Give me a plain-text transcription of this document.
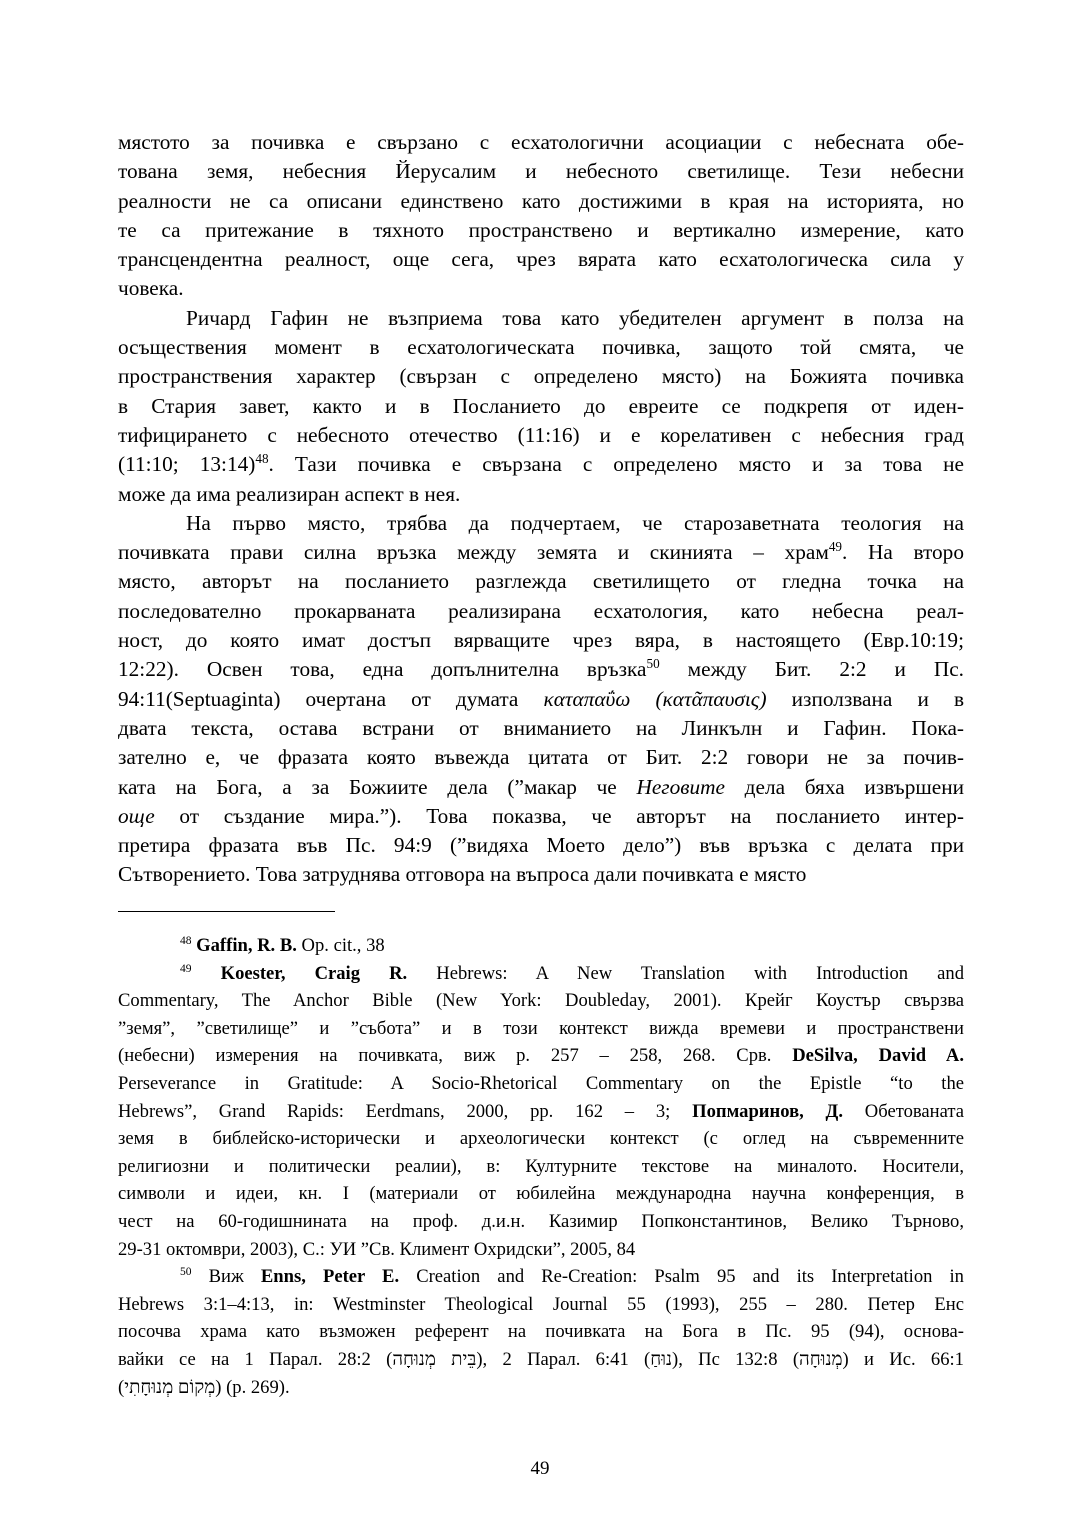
мястото за почивка е свързано с есхатологични асоциации с небесната обе-
тована земя, небесния Йерусалим и небесното светилище. Тези небесни
реалности не са описани единствено като достижими в края на историята, но
те са притежание в тяхното пространствено и вертикално измерение, като
трансцендентна реалност, още сега, чрез вярата като есхатологическа сила у
човека.
Ричард Гафин не възприема това като убедителен аргумент в полза на
осъществения момент в есхатологическата почивка, защото той смята, че
пространствения характер (свързан с определено място) на Божията почивка
в Стария завет, както и в Посланието до евреите се подкрепя от иден-
тифицирането с небесното отечество (11:16) и е корелативен с небесния град
(11:10; 13:14)$^{48}$. Тази почивка е свързана с определено място и за това не
може да има реализиран аспект в нея.
На първо място, трябва да подчертаем, че старозаветната теология на
почивката прави силна връзка между земята и скинията – храм$^{49}$. На второ
място, авторът на посланието разглежда светилището от гледна точка на
последователно прокарваната реализирана есхатология, като небесна реал-
ност, до която имат достъп вярващите чрез вяра, в настоящето (Евр.10:19;
12:22). Освен това, една допълнителна връзка$^{50}$ между Бит. 2:2 и Пс.
94:11(Septuaginta) очертана от думата καταπαΰω (κατᾶπαυσις) използвана и в
двата текста, остава встрани от вниманието на Линкълн и Гафин. Пока-
зателно е, че фразата която въвежда цитата от Бит. 2:2 говори не за почив-
ката на Бога, а за Божиите дела (”макар че Неговите дела бяха извършени
още от създание мира.”). Това показва, че авторът на посланието интер-
претира фразата във Пс. 94:9 (”видяха Моето дело”) във връзка с делата при
Сътворението. Това затруднява отговора на въпроса дали почивката е място
$^{48}$ Gaffin, R. B. Op. cit., 38
$^{49}$ Koester, Craig R. Hebrews: A New Translation with Introduction and
Commentary, The Anchor Bible (New York: Doubleday, 2001). Крейг Коустър свързва
”земя”, ”светилище” и ”събота” и в този контекст вижда времеви и пространствени
(небесни) измерения на почивката, виж p. 257 – 258, 268. Срв. DeSilva, David A.
Perseverance in Gratitude: A Socio-Rhetorical Commentary on the Epistle “to the
Hebrews”, Grand Rapids: Eerdmans, 2000, pp. 162 – 3; Попмаринов, Д. Обетованата
земя в библейско-исторически и археологически контекст (с оглед на съвременните
религиозни и политически реалии), в: Културните текстове на миналото. Носители,
символи и идеи, кн. I (материали от юбилейна международна научна конференция, в
чест на 60-годишнината на проф. д.и.н. Казимир Попконстантинов, Велико Търново,
29-31 октомври, 2003), С.: УИ ”Св. Климент Охридски”, 2005, 84
$^{50}$ Виж Enns, Peter E. Creation and Re-Creation: Psalm 95 and its Interpretation in
Hebrews 3:1–4:13, in: Westminster Theological Journal 55 (1993), 255 – 280. Петер Енс
посочва храма като възможен референт на почивката на Бога в Пс. 95 (94), основа-
вайки се на 1 Парал. 28:2 (בֵּית מְנוּחָה), 2 Парал. 6:41 (נוּחַ), Пс 132:8 (מְנוּחָה) и Ис. 66:1
(מְקוֹם מְנוּחָתִי) (p. 269).
49
